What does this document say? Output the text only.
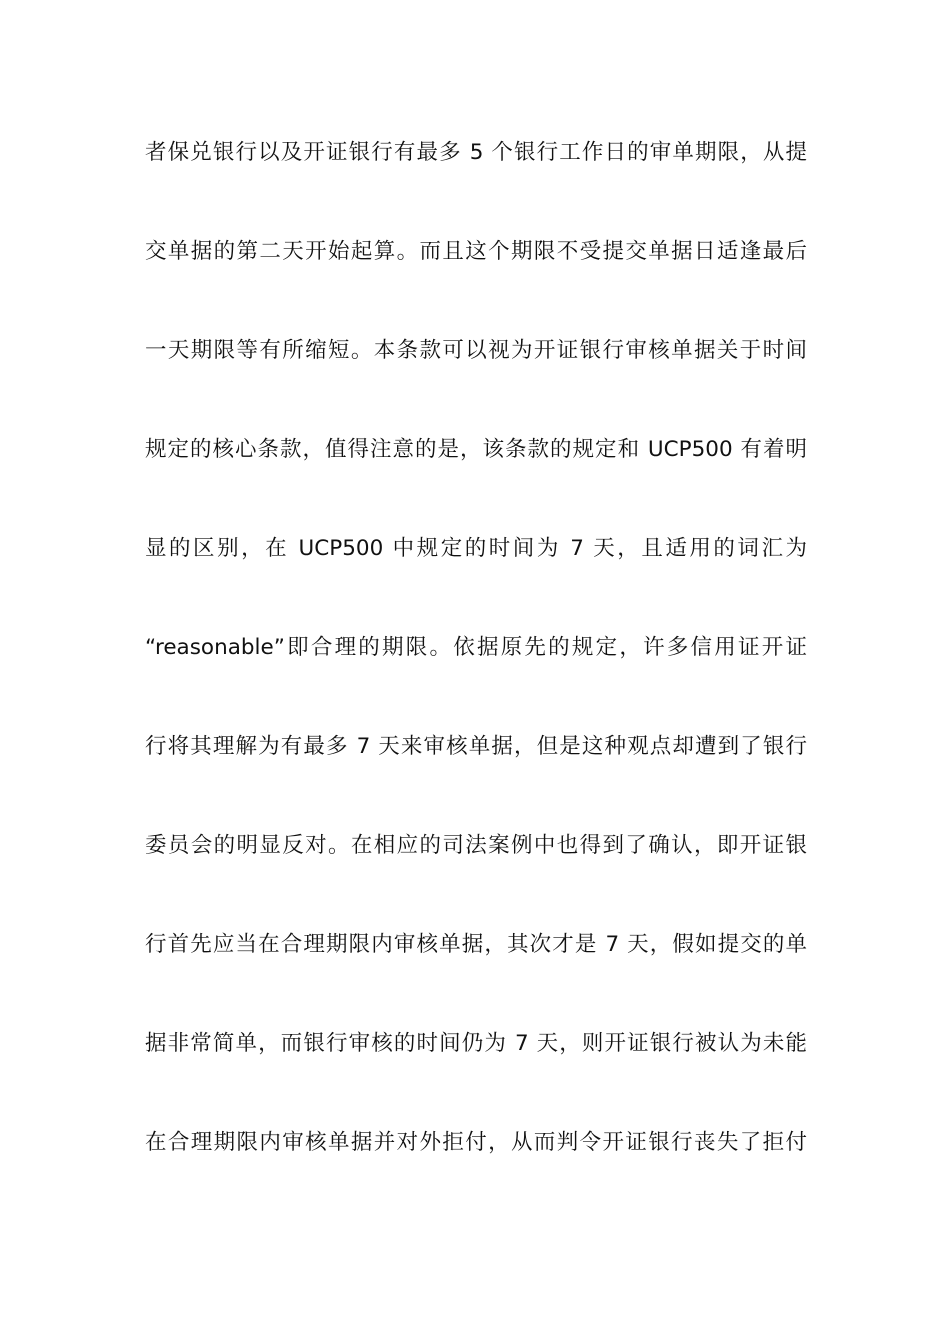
者保兑银行以及开证银行有最多 5 个银行工作日的审单期限，从提
交单据的第二天开始起算。而且这个期限不受提交单据日适逢最后
一天期限等有所缩短。本条款可以视为开证银行审核单据关于时间
规定的核心条款，值得注意的是，该条款的规定和 UCP500 有着明
显的区别，在 UCP500 中规定的时间为 7 天，且适用的词汇为
“reasonable”即合理的期限。依据原先的规定，许多信用证开证
行将其理解为有最多 7 天来审核单据，但是这种观点却遭到了银行
委员会的明显反对。在相应的司法案例中也得到了确认，即开证银
行首先应当在合理期限内审核单据，其次才是 7 天，假如提交的单
据非常简单，而银行审核的时间仍为 7 天，则开证银行被认为未能
在合理期限内审核单据并对外拒付，从而判令开证银行丧失了拒付
